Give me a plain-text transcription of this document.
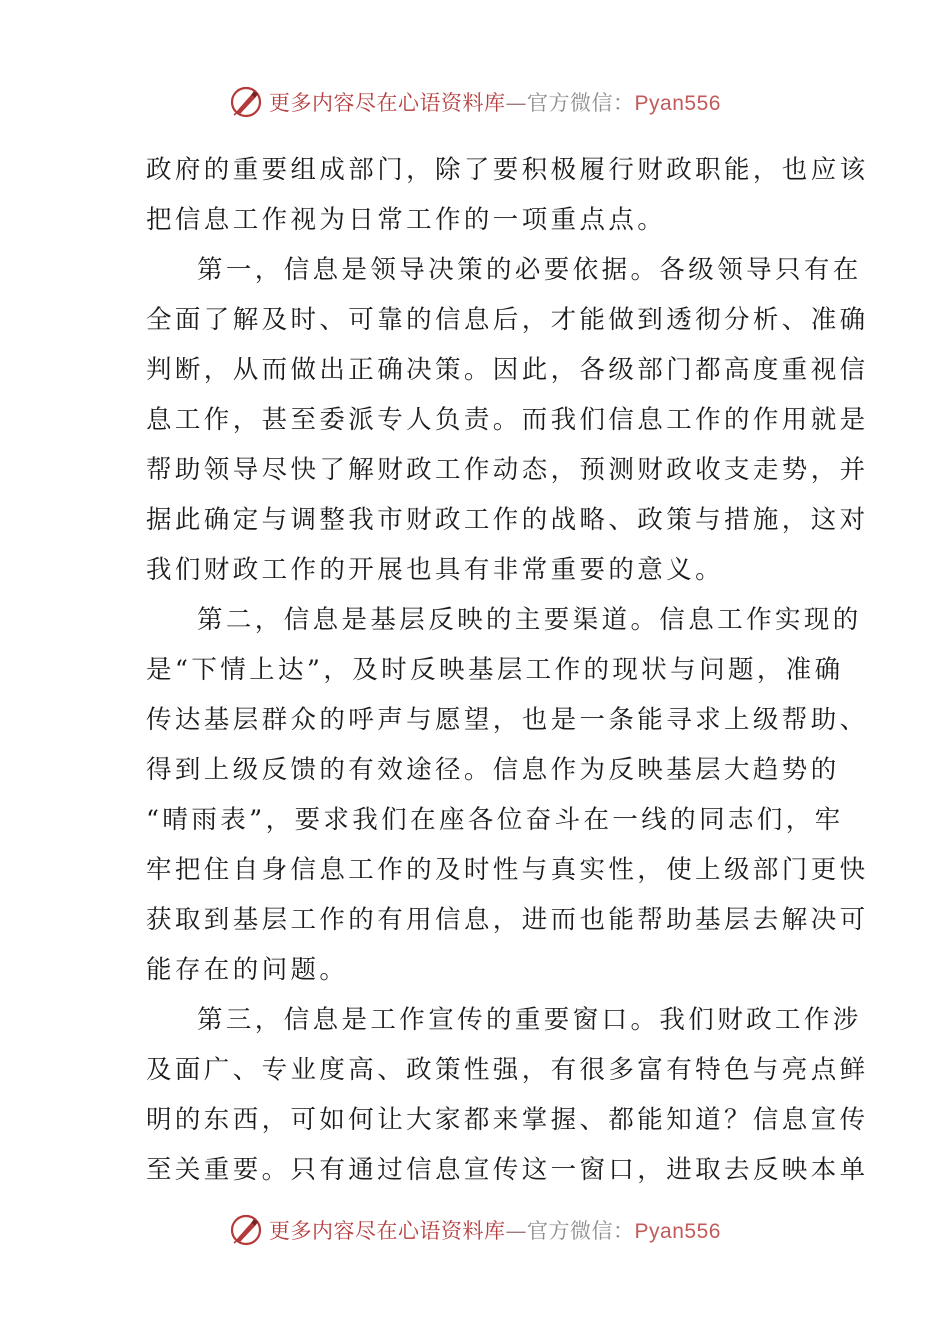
更多内容尽在心语资料库—官方微信：Pyan556
政府的重要组成部门，除了要积极履行财政职能，也应该
把信息工作视为日常工作的一项重点点。
第一，信息是领导决策的必要依据。各级领导只有在
全面了解及时、可靠的信息后，才能做到透彻分析、准确
判断，从而做出正确决策。因此，各级部门都高度重视信
息工作，甚至委派专人负责。而我们信息工作的作用就是
帮助领导尽快了解财政工作动态，预测财政收支走势，并
据此确定与调整我市财政工作的战略、政策与措施，这对
我们财政工作的开展也具有非常重要的意义。
第二，信息是基层反映的主要渠道。信息工作实现的
是“下情上达”，及时反映基层工作的现状与问题，准确
传达基层群众的呼声与愿望，也是一条能寻求上级帮助、
得到上级反馈的有效途径。信息作为反映基层大趋势的
“晴雨表”，要求我们在座各位奋斗在一线的同志们，牢
牢把住自身信息工作的及时性与真实性，使上级部门更快
获取到基层工作的有用信息，进而也能帮助基层去解决可
能存在的问题。
第三，信息是工作宣传的重要窗口。我们财政工作涉
及面广、专业度高、政策性强，有很多富有特色与亮点鲜
明的东西，可如何让大家都来掌握、都能知道？信息宣传
至关重要。只有通过信息宣传这一窗口，进取去反映本单
更多内容尽在心语资料库—官方微信：Pyan556
